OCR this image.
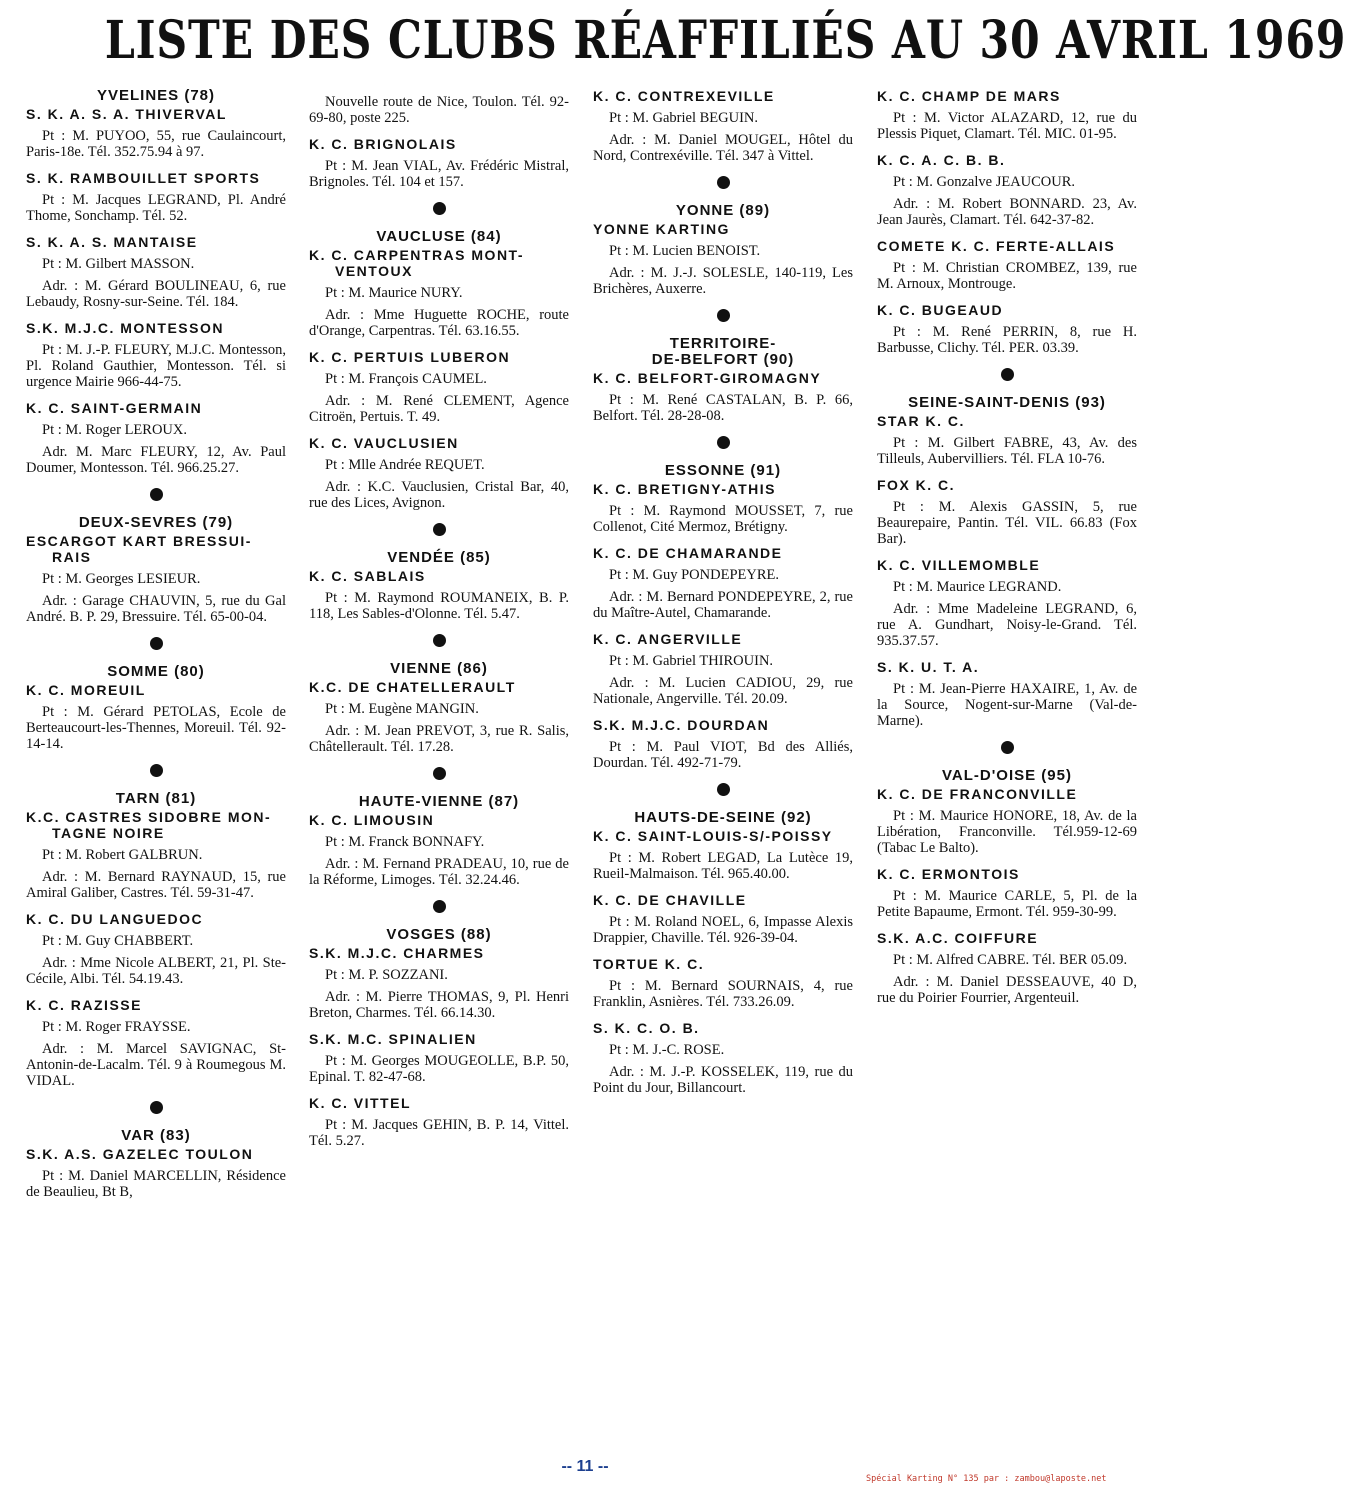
LISTE DES CLUBS RÉAFFILIÉS AU 30 AVRIL 1969
YVELINES (78)
S. K. A. S. A. THIVERVAL

Pt : M. PUYOO, 55, rue Caulaincourt, Paris-18e. Tél. 352.75.94 à 97.

S. K. RAMBOUILLET SPORTS

Pt : M. Jacques LEGRAND, Pl. André Thome, Sonchamp. Tél. 52.

S. K. A. S. MANTAISE

Pt : M. Gilbert MASSON.

Adr. : M. Gérard BOULINEAU, 6, rue Lebaudy, Rosny-sur-Seine. Tél. 184.

S.K. M.J.C. MONTESSON

Pt : M. J.-P. FLEURY, M.J.C. Montesson, Pl. Roland Gauthier, Montesson. Tél. si urgence Mairie 966-44-75.

K. C. SAINT-GERMAIN

Pt : M. Roger LEROUX.

Adr. M. Marc FLEURY, 12, Av. Paul Doumer, Montesson. Tél. 966.25.27.

DEUX-SEVRES (79)
ESCARGOT KART BRESSUI-
RAIS

Pt : M. Georges LESIEUR.

Adr. : Garage CHAUVIN, 5, rue du Gal André. B. P. 29, Bressuire. Tél. 65-00-04.

SOMME (80)
K. C. MOREUIL

Pt : M. Gérard PETOLAS, Ecole de Berteaucourt-les-Thennes, Moreuil. Tél. 92-14-14.

TARN (81)
K.C. CASTRES SIDOBRE MON-
TAGNE NOIRE

Pt : M. Robert GALBRUN.

Adr. : M. Bernard RAYNAUD, 15, rue Amiral Galiber, Castres. Tél. 59-31-47.

K. C. DU LANGUEDOC

Pt : M. Guy CHABBERT.

Adr. : Mme Nicole ALBERT, 21, Pl. Ste-Cécile, Albi. Tél. 54.19.43.

K. C. RAZISSE

Pt : M. Roger FRAYSSE.

Adr. : M. Marcel SAVIGNAC, St-Antonin-de-Lacalm. Tél. 9 à Roumegous M. VIDAL.

VAR (83)
S.K. A.S. GAZELEC TOULON

Pt : M. Daniel MARCELLIN, Résidence de Beaulieu, Bt B,

Nouvelle route de Nice, Toulon. Tél. 92-69-80, poste 225.

K. C. BRIGNOLAIS

Pt : M. Jean VIAL, Av. Frédéric Mistral, Brignoles. Tél. 104 et 157.

VAUCLUSE (84)
K. C. CARPENTRAS MONT-
VENTOUX

Pt : M. Maurice NURY.

Adr. : Mme Huguette ROCHE, route d'Orange, Carpentras. Tél. 63.16.55.

K. C. PERTUIS LUBERON

Pt : M. François CAUMEL.

Adr. : M. René CLEMENT, Agence Citroën, Pertuis. T. 49.

K. C. VAUCLUSIEN

Pt : Mlle Andrée REQUET.

Adr. : K.C. Vauclusien, Cristal Bar, 40, rue des Lices, Avignon.

VENDÉE (85)
K. C. SABLAIS

Pt : M. Raymond ROUMANEIX, B. P. 118, Les Sables-d'Olonne. Tél. 5.47.

VIENNE (86)
K.C. DE CHATELLERAULT

Pt : M. Eugène MANGIN.

Adr. : M. Jean PREVOT, 3, rue R. Salis, Châtellerault. Tél. 17.28.

HAUTE-VIENNE (87)
K. C. LIMOUSIN

Pt : M. Franck BONNAFY.

Adr. : M. Fernand PRADEAU, 10, rue de la Réforme, Limoges. Tél. 32.24.46.

VOSGES (88)
S.K. M.J.C. CHARMES

Pt : M. P. SOZZANI.

Adr. : M. Pierre THOMAS, 9, Pl. Henri Breton, Charmes. Tél. 66.14.30.

S.K. M.C. SPINALIEN

Pt : M. Georges MOUGEOLLE, B.P. 50, Epinal. T. 82-47-68.

K. C. VITTEL

Pt : M. Jacques GEHIN, B. P. 14, Vittel. Tél. 5.27.

K. C. CONTREXEVILLE

Pt : M. Gabriel BEGUIN.

Adr. : M. Daniel MOUGEL, Hôtel du Nord, Contrexéville. Tél. 347 à Vittel.

YONNE (89)
YONNE KARTING

Pt : M. Lucien BENOIST.

Adr. : M. J.-J. SOLESLE, 140-119, Les Brichères, Auxerre.

TERRITOIRE-
DE-BELFORT (90)
K. C. BELFORT-GIROMAGNY

Pt : M. René CASTALAN, B. P. 66, Belfort. Tél. 28-28-08.

ESSONNE (91)
K. C. BRETIGNY-ATHIS

Pt : M. Raymond MOUSSET, 7, rue Collenot, Cité Mermoz, Brétigny.

K. C. DE CHAMARANDE

Pt : M. Guy PONDEPEYRE.

Adr. : M. Bernard PONDEPEYRE, 2, rue du Maître-Autel, Chamarande.

K. C. ANGERVILLE

Pt : M. Gabriel THIROUIN.

Adr. : M. Lucien CADIOU, 29, rue Nationale, Angerville. Tél. 20.09.

S.K. M.J.C. DOURDAN

Pt : M. Paul VIOT, Bd des Alliés, Dourdan. Tél. 492-71-79.

HAUTS-DE-SEINE (92)
K. C. SAINT-LOUIS-S/-POISSY

Pt : M. Robert LEGAD, La Lutèce 19, Rueil-Malmaison. Tél. 965.40.00.

K. C. DE CHAVILLE

Pt : M. Roland NOEL, 6, Impasse Alexis Drappier, Chaville. Tél. 926-39-04.

TORTUE K. C.

Pt : M. Bernard SOURNAIS, 4, rue Franklin, Asnières. Tél. 733.26.09.

S. K. C. O. B.

Pt : M. J.-C. ROSE.

Adr. : M. J.-P. KOSSELEK, 119, rue du Point du Jour, Billancourt.

K. C. CHAMP DE MARS

Pt : M. Victor ALAZARD, 12, rue du Plessis Piquet, Clamart. Tél. MIC. 01-95.

K. C. A. C. B. B.

Pt : M. Gonzalve JEAUCOUR.

Adr. : M. Robert BONNARD. 23, Av. Jean Jaurès, Clamart. Tél. 642-37-82.

COMETE K. C. FERTE-ALLAIS

Pt : M. Christian CROMBEZ, 139, rue M. Arnoux, Montrouge.

K. C. BUGEAUD

Pt : M. René PERRIN, 8, rue H. Barbusse, Clichy. Tél. PER. 03.39.

SEINE-SAINT-DENIS (93)
STAR K. C.

Pt : M. Gilbert FABRE, 43, Av. des Tilleuls, Aubervilliers. Tél. FLA 10-76.

FOX K. C.

Pt : M. Alexis GASSIN, 5, rue Beaurepaire, Pantin. Tél. VIL. 66.83 (Fox Bar).

K. C. VILLEMOMBLE

Pt : M. Maurice LEGRAND.

Adr. : Mme Madeleine LEGRAND, 6, rue A. Gundhart, Noisy-le-Grand. Tél. 935.37.57.

S. K. U. T. A.

Pt : M. Jean-Pierre HAXAIRE, 1, Av. de la Source, Nogent-sur-Marne (Val-de-Marne).

VAL-D'OISE (95)
K. C. DE FRANCONVILLE

Pt : M. Maurice HONORE, 18, Av. de la Libération, Franconville. Tél.959-12-69 (Tabac Le Balto).

K. C. ERMONTOIS

Pt : M. Maurice CARLE, 5, Pl. de la Petite Bapaume, Ermont. Tél. 959-30-99.

S.K. A.C. COIFFURE

Pt : M. Alfred CABRE. Tél. BER 05.09.

Adr. : M. Daniel DESSEAUVE, 40 D, rue du Poirier Fourrier, Argenteuil.

-- 11 --
Spécial Karting N° 135 par : zambou@laposte.net
